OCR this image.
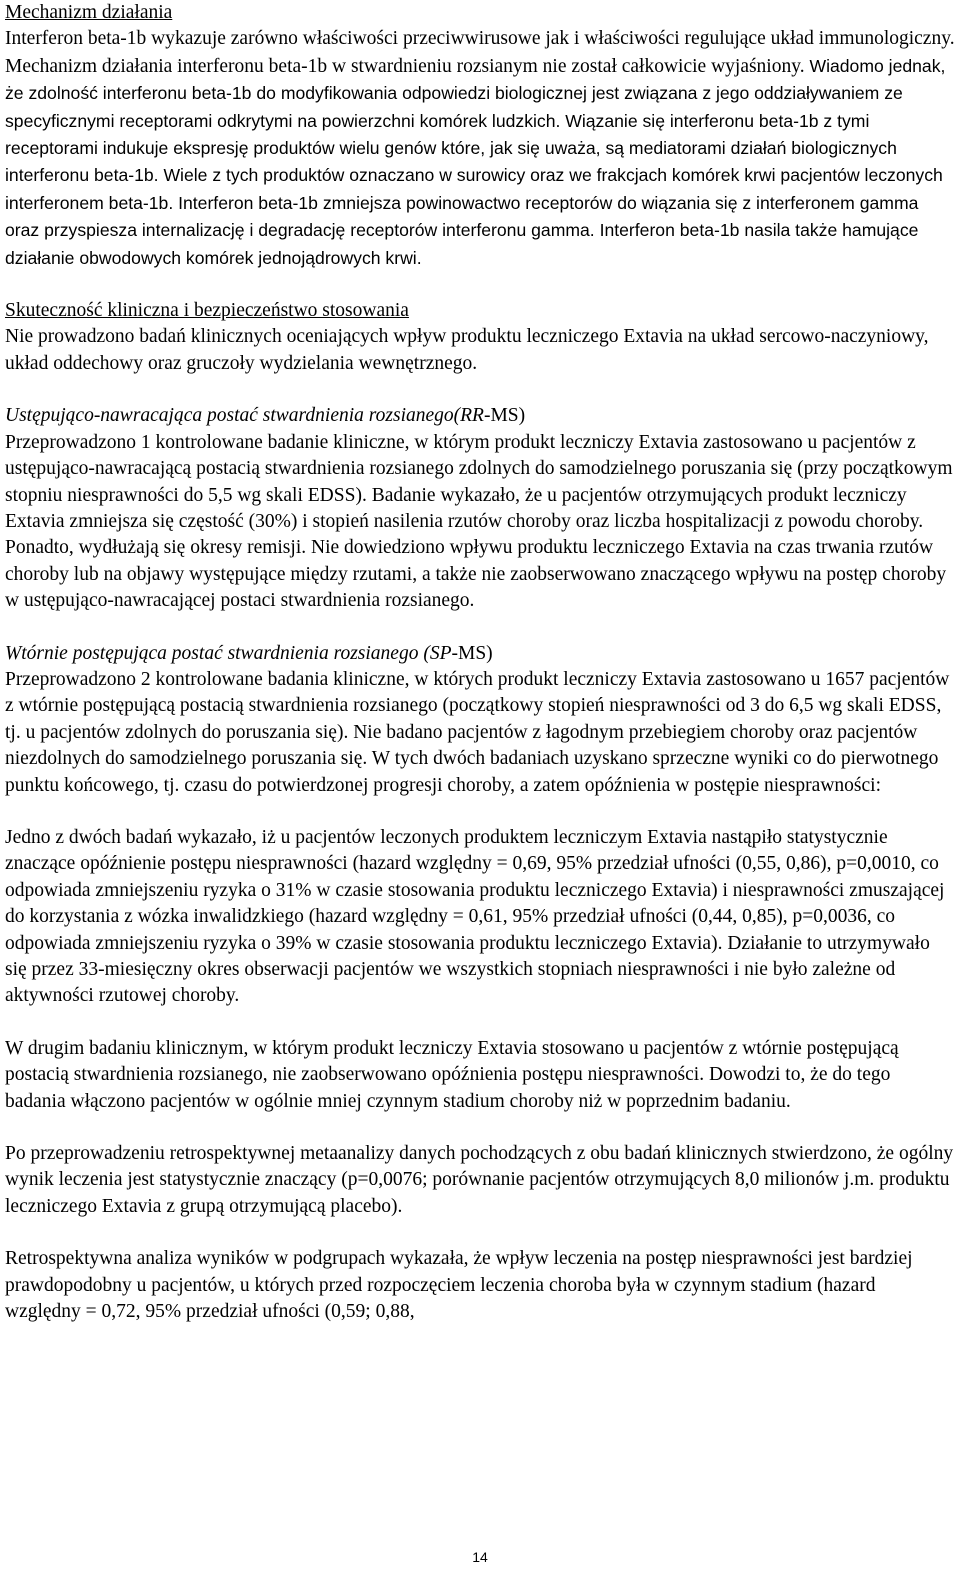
Mechanizm działania

Interferon beta-1b wykazuje zarówno właściwości przeciwwirusowe jak i właściwości regulujące układ immunologiczny. Mechanizm działania interferonu beta-1b w stwardnieniu rozsianym nie został całkowicie wyjaśniony. Wiadomo jednak, że zdolność interferonu beta-1b do modyfikowania odpowiedzi biologicznej jest związana z jego oddziaływaniem ze specyficznymi receptorami odkrytymi na powierzchni komórek ludzkich. Wiązanie się interferonu beta-1b z tymi receptorami indukuje ekspresję produktów wielu genów które, jak się uważa, są mediatorami działań biologicznych interferonu beta-1b. Wiele z tych produktów oznaczano w surowicy oraz we frakcjach komórek krwi pacjentów leczonych interferonem beta-1b. Interferon beta-1b zmniejsza powinowactwo receptorów do wiązania się z interferonem gamma oraz przyspiesza internalizację i degradację receptorów interferonu gamma. Interferon beta-1b nasila także hamujące działanie obwodowych komórek jednojądrowych krwi.

Skuteczność kliniczna i bezpieczeństwo stosowania

Nie prowadzono badań klinicznych oceniających wpływ produktu leczniczego Extavia na układ sercowo-naczyniowy, układ oddechowy oraz gruczoły wydzielania wewnętrznego.

Ustępująco-nawracająca postać stwardnienia rozsianego(RR-MS)

Przeprowadzono 1 kontrolowane badanie kliniczne, w którym produkt leczniczy Extavia zastosowano u pacjentów z ustępująco-nawracającą postacią stwardnienia rozsianego zdolnych do samodzielnego poruszania się (przy początkowym stopniu niesprawności do 5,5 wg skali EDSS). Badanie wykazało, że u pacjentów otrzymujących produkt leczniczy Extavia zmniejsza się częstość (30%) i stopień nasilenia rzutów choroby oraz liczba hospitalizacji z powodu choroby. Ponadto, wydłużają się okresy remisji. Nie dowiedziono wpływu produktu leczniczego Extavia na czas trwania rzutów choroby lub na objawy występujące między rzutami, a także nie zaobserwowano znaczącego wpływu na postęp choroby w ustępująco-nawracającej postaci stwardnienia rozsianego.

Wtórnie postępująca postać stwardnienia rozsianego (SP-MS)

Przeprowadzono 2 kontrolowane badania kliniczne, w których produkt leczniczy Extavia zastosowano u 1657 pacjentów z wtórnie postępującą postacią stwardnienia rozsianego (początkowy stopień niesprawności od 3 do 6,5 wg skali EDSS, tj. u pacjentów zdolnych do poruszania się). Nie badano pacjentów z łagodnym przebiegiem choroby oraz pacjentów niezdolnych do samodzielnego poruszania się. W tych dwóch badaniach uzyskano sprzeczne wyniki co do pierwotnego punktu końcowego, tj. czasu do potwierdzonej progresji choroby, a zatem opóźnienia w postępie niesprawności:

Jedno z dwóch badań wykazało, iż u pacjentów leczonych produktem leczniczym Extavia nastąpiło statystycznie znaczące opóźnienie postępu niesprawności (hazard względny = 0,69, 95% przedział ufności (0,55, 0,86), p=0,0010, co odpowiada zmniejszeniu ryzyka o 31% w czasie stosowania produktu leczniczego Extavia) i niesprawności zmuszającej do korzystania z wózka inwalidzkiego (hazard względny = 0,61, 95% przedział ufności (0,44, 0,85), p=0,0036, co odpowiada zmniejszeniu ryzyka o 39% w czasie stosowania produktu leczniczego Extavia). Działanie to utrzymywało się przez 33-miesięczny okres obserwacji pacjentów we wszystkich stopniach niesprawności i nie było zależne od aktywności rzutowej choroby.

W drugim badaniu klinicznym, w którym produkt leczniczy Extavia stosowano u pacjentów z wtórnie postępującą postacią stwardnienia rozsianego, nie zaobserwowano opóźnienia postępu niesprawności. Dowodzi to, że do tego badania włączono pacjentów w ogólnie mniej czynnym stadium choroby niż w poprzednim badaniu.

Po przeprowadzeniu retrospektywnej metaanalizy danych pochodzących z obu badań klinicznych stwierdzono, że ogólny wynik leczenia jest statystycznie znaczący (p=0,0076; porównanie pacjentów otrzymujących 8,0 milionów j.m. produktu leczniczego Extavia z grupą otrzymującą placebo).

Retrospektywna analiza wyników w podgrupach wykazała, że wpływ leczenia na postęp niesprawności jest bardziej prawdopodobny u pacjentów, u których przed rozpoczęciem leczenia choroba była w czynnym stadium (hazard względny = 0,72, 95% przedział ufności (0,59; 0,88,

14
